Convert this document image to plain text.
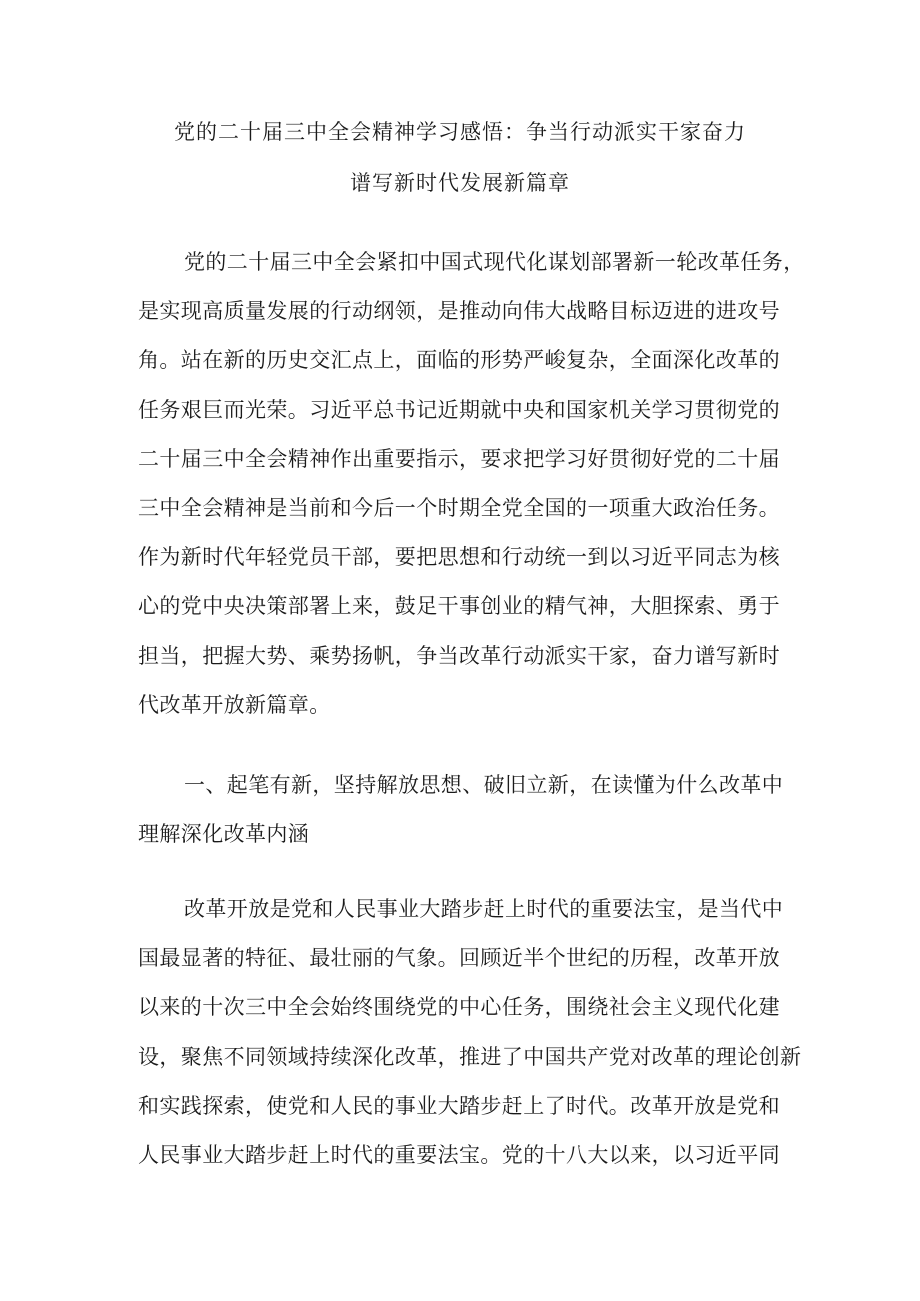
党的二十届三中全会精神学习感悟：争当行动派实干家奋力
谱写新时代发展新篇章
党的二十届三中全会紧扣中国式现代化谋划部署新一轮改革任务，
是实现高质量发展的行动纲领，是推动向伟大战略目标迈进的进攻号
角。站在新的历史交汇点上，面临的形势严峻复杂，全面深化改革的
任务艰巨而光荣。习近平总书记近期就中央和国家机关学习贯彻党的
二十届三中全会精神作出重要指示，要求把学习好贯彻好党的二十届
三中全会精神是当前和今后一个时期全党全国的一项重大政治任务。
作为新时代年轻党员干部，要把思想和行动统一到以习近平同志为核
心的党中央决策部署上来，鼓足干事创业的精气神，大胆探索、勇于
担当，把握大势、乘势扬帆，争当改革行动派实干家，奋力谱写新时
代改革开放新篇章。
一、起笔有新，坚持解放思想、破旧立新，在读懂为什么改革中
理解深化改革内涵
改革开放是党和人民事业大踏步赶上时代的重要法宝，是当代中
国最显著的特征、最壮丽的气象。回顾近半个世纪的历程，改革开放
以来的十次三中全会始终围绕党的中心任务，围绕社会主义现代化建
设，聚焦不同领域持续深化改革，推进了中国共产党对改革的理论创新
和实践探索，使党和人民的事业大踏步赶上了时代。改革开放是党和
人民事业大踏步赶上时代的重要法宝。党的十八大以来，以习近平同
